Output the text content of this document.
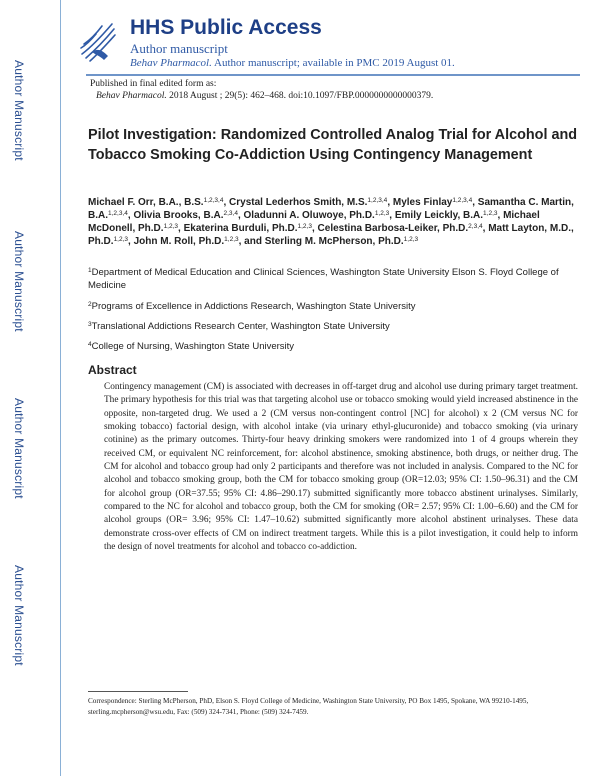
Author Manuscript
Author Manuscript
Author Manuscript
Author Manuscript
HHS Public Access
Author manuscript
Behav Pharmacol. Author manuscript; available in PMC 2019 August 01.
Published in final edited form as:
Behav Pharmacol. 2018 August ; 29(5): 462–468. doi:10.1097/FBP.0000000000000379.
Pilot Investigation: Randomized Controlled Analog Trial for Alcohol and Tobacco Smoking Co-Addiction Using Contingency Management
Michael F. Orr, B.A., B.S.$^{1,2,3,4}$, Crystal Lederhos Smith, M.S.$^{1,2,3,4}$, Myles Finlay$^{1,2,3,4}$, Samantha C. Martin, B.A.$^{1,2,3,4}$, Olivia Brooks, B.A.$^{2,3,4}$, Oladunni A. Oluwoye, Ph.D.$^{1,2,3}$, Emily Leickly, B.A.$^{1,2,3}$, Michael McDonell, Ph.D.$^{1,2,3}$, Ekaterina Burduli, Ph.D.$^{1,2,3}$, Celestina Barbosa-Leiker, Ph.D.$^{2,3,4}$, Matt Layton, M.D., Ph.D.$^{1,2,3}$, John M. Roll, Ph.D.$^{1,2,3}$, and Sterling M. McPherson, Ph.D.$^{1,2,3}$
$^1$Department of Medical Education and Clinical Sciences, Washington State University Elson S. Floyd College of Medicine
$^2$Programs of Excellence in Addictions Research, Washington State University
$^3$Translational Addictions Research Center, Washington State University
$^4$College of Nursing, Washington State University
Abstract
Contingency management (CM) is associated with decreases in off-target drug and alcohol use during primary target treatment. The primary hypothesis for this trial was that targeting alcohol use or tobacco smoking would yield increased abstinence in the opposite, non-targeted drug. We used a 2 (CM versus non-contingent control [NC] for alcohol) x 2 (CM versus NC for smoking tobacco) factorial design, with alcohol intake (via urinary ethyl-glucuronide) and tobacco smoking (via urinary cotinine) as the primary outcomes. Thirty-four heavy drinking smokers were randomized into 1 of 4 groups wherein they received CM, or equivalent NC reinforcement, for: alcohol abstinence, smoking abstinence, both drugs, or neither drug. The CM for alcohol and tobacco group had only 2 participants and therefore was not included in analysis. Compared to the NC for alcohol and tobacco smoking group, both the CM for tobacco smoking group (OR=12.03; 95% CI: 1.50–96.31) and the CM for alcohol group (OR=37.55; 95% CI: 4.86–290.17) submitted significantly more tobacco abstinent urinalyses. Similarly, compared to the NC for alcohol and tobacco group, both the CM for smoking (OR= 2.57; 95% CI: 1.00–6.60) and the CM for alcohol groups (OR= 3.96; 95% CI: 1.47–10.62) submitted significantly more alcohol abstinent urinalyses. These data demonstrate cross-over effects of CM on indirect treatment targets. While this is a pilot investigation, it could help to inform the design of novel treatments for alcohol and tobacco co-addiction.
Correspondence: Sterling McPherson, PhD, Elson S. Floyd College of Medicine, Washington State University, PO Box 1495, Spokane, WA 99210-1495, sterling.mcpherson@wsu.edu, Fax: (509) 324-7341, Phone: (509) 324-7459.
